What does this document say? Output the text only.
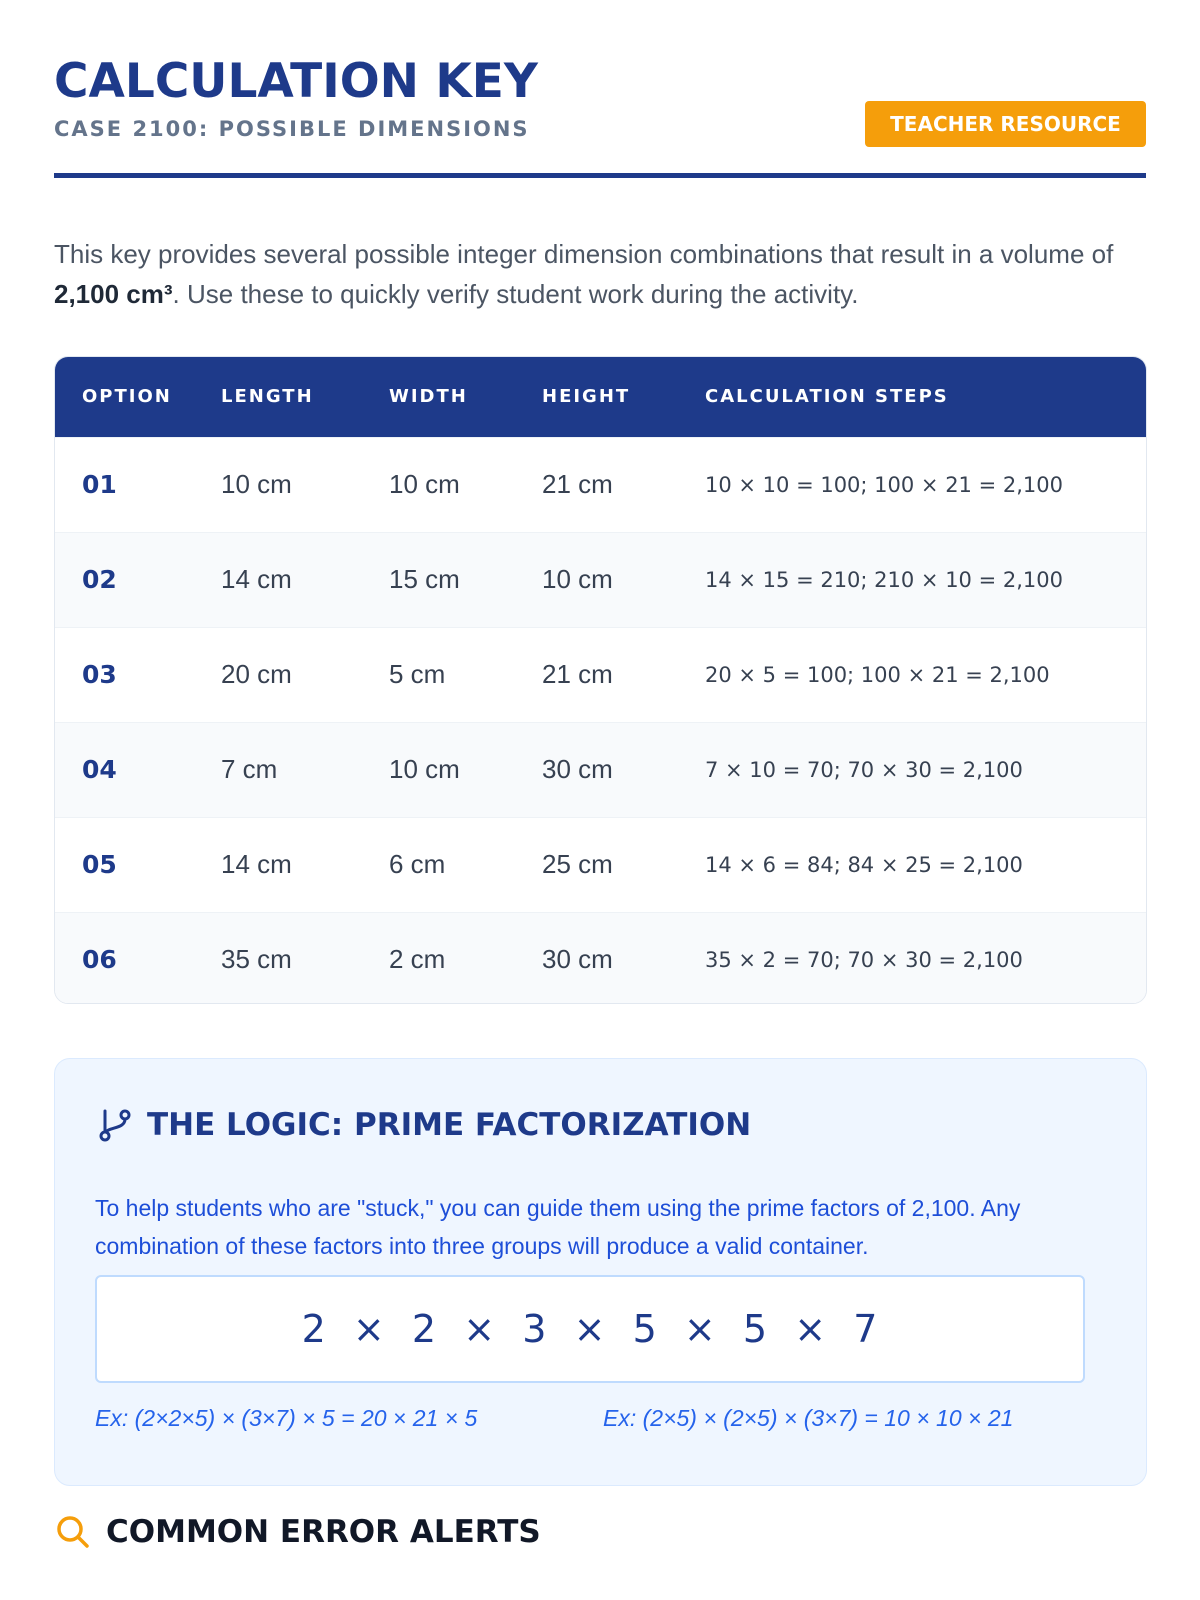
CALCULATION KEY
CASE 2100: POSSIBLE DIMENSIONS	TEACHER RESOURCE

This key provides several possible integer dimension combinations that result in a volume of 2,100 cm³. Use these to quickly verify student work during the activity.

OPTION	LENGTH	WIDTH	HEIGHT	CALCULATION STEPS
01	10 cm	10 cm	21 cm	10 × 10 = 100; 100 × 21 = 2,100
02	14 cm	15 cm	10 cm	14 × 15 = 210; 210 × 10 = 2,100
03	20 cm	5 cm	21 cm	20 × 5 = 100; 100 × 21 = 2,100
04	7 cm	10 cm	30 cm	7 × 10 = 70; 70 × 30 = 2,100
05	14 cm	6 cm	25 cm	14 × 6 = 84; 84 × 25 = 2,100
06	35 cm	2 cm	30 cm	35 × 2 = 70; 70 × 30 = 2,100
THE LOGIC: PRIME FACTORIZATION

To help students who are "stuck," you can guide them using the prime factors of 2,100. Any combination of these factors into three groups will produce a valid container.

2  ×  2  ×  3  ×  5  ×  5  ×  7
Ex: (2×2×5) × (3×7) × 5 = 20 × 21 × 5	Ex: (2×5) × (2×5) × (3×7) = 10 × 10 × 21
COMMON ERROR ALERTS
